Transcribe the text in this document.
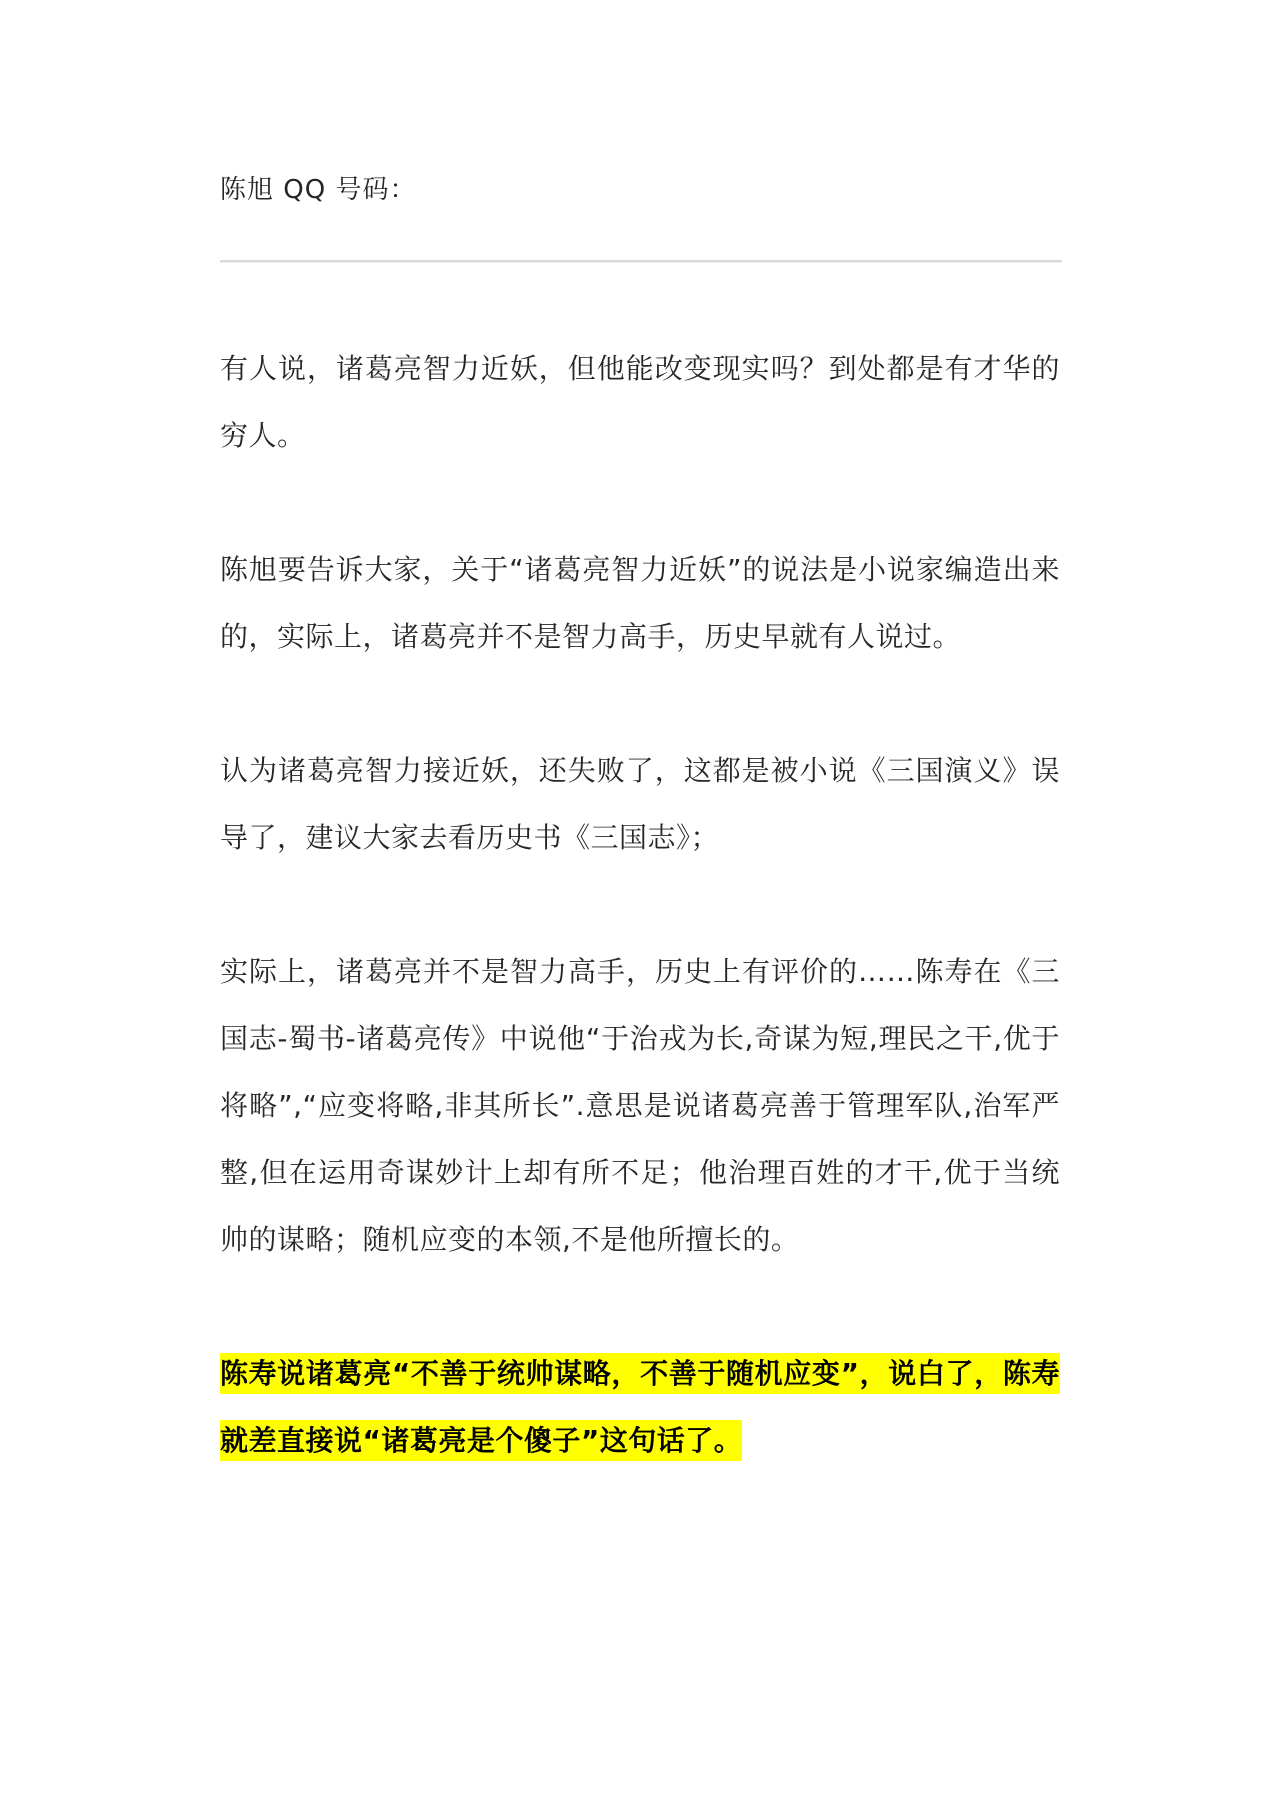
陈旭 QQ 号码：

有人说，诸葛亮智力近妖，但他能改变现实吗？到处都是有才华的穷人。

陈旭要告诉大家，关于“诸葛亮智力近妖”的说法是小说家编造出来的，实际上，诸葛亮并不是智力高手，历史早就有人说过。

认为诸葛亮智力接近妖，还失败了，这都是被小说《三国演义》误导了，建议大家去看历史书《三国志》；

实际上，诸葛亮并不是智力高手，历史上有评价的……陈寿在《三国志-蜀书-诸葛亮传》中说他“于治戎为长,奇谋为短,理民之干,优于将略”,“应变将略,非其所长”.意思是说诸葛亮善于管理军队,治军严整,但在运用奇谋妙计上却有所不足；他治理百姓的才干,优于当统帅的谋略；随机应变的本领,不是他所擅长的。

陈寿说诸葛亮“不善于统帅谋略，不善于随机应变”，说白了，陈寿就差直接说“诸葛亮是个傻子”这句话了。
